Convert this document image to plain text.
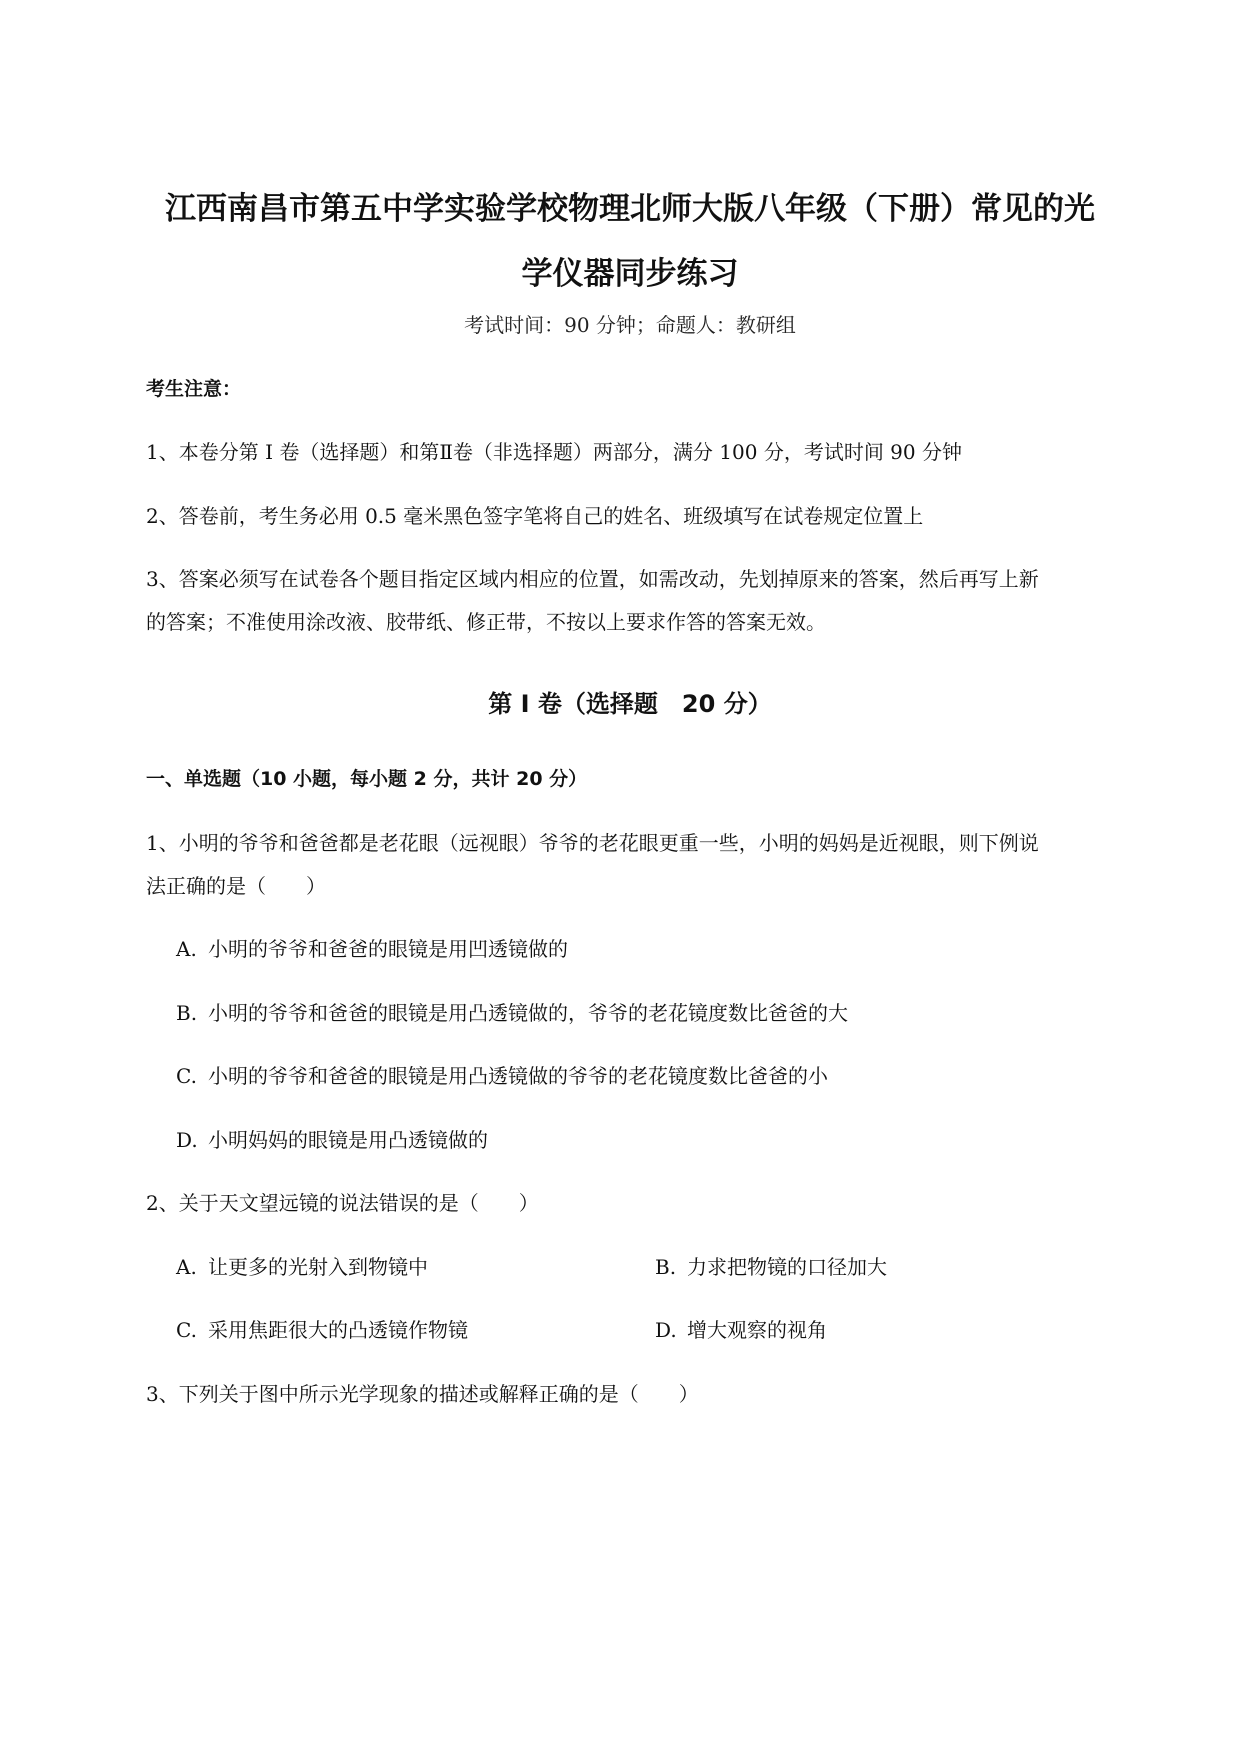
江西南昌市第五中学实验学校物理北师大版八年级（下册）常见的光
学仪器同步练习
考试时间：90 分钟；命题人：教研组
考生注意：
1、本卷分第 I 卷（选择题）和第Ⅱ卷（非选择题）两部分，满分 100 分，考试时间 90 分钟
2、答卷前，考生务必用 0.5 毫米黑色签字笔将自己的姓名、班级填写在试卷规定位置上
3、答案必须写在试卷各个题目指定区域内相应的位置，如需改动，先划掉原来的答案，然后再写上新
的答案；不准使用涂改液、胶带纸、修正带，不按以上要求作答的答案无效。
第 I 卷（选择题　20 分）
一、单选题（10 小题，每小题 2 分，共计 20 分）
1、小明的爷爷和爸爸都是老花眼（远视眼）爷爷的老花眼更重一些，小明的妈妈是近视眼，则下例说
法正确的是（　　）
A. 小明的爷爷和爸爸的眼镜是用凹透镜做的
B. 小明的爷爷和爸爸的眼镜是用凸透镜做的，爷爷的老花镜度数比爸爸的大
C. 小明的爷爷和爸爸的眼镜是用凸透镜做的爷爷的老花镜度数比爸爸的小
D. 小明妈妈的眼镜是用凸透镜做的
2、关于天文望远镜的说法错误的是（　　）
A. 让更多的光射入到物镜中	B. 力求把物镜的口径加大
C. 采用焦距很大的凸透镜作物镜	D. 增大观察的视角
3、下列关于图中所示光学现象的描述或解释正确的是（　　）
